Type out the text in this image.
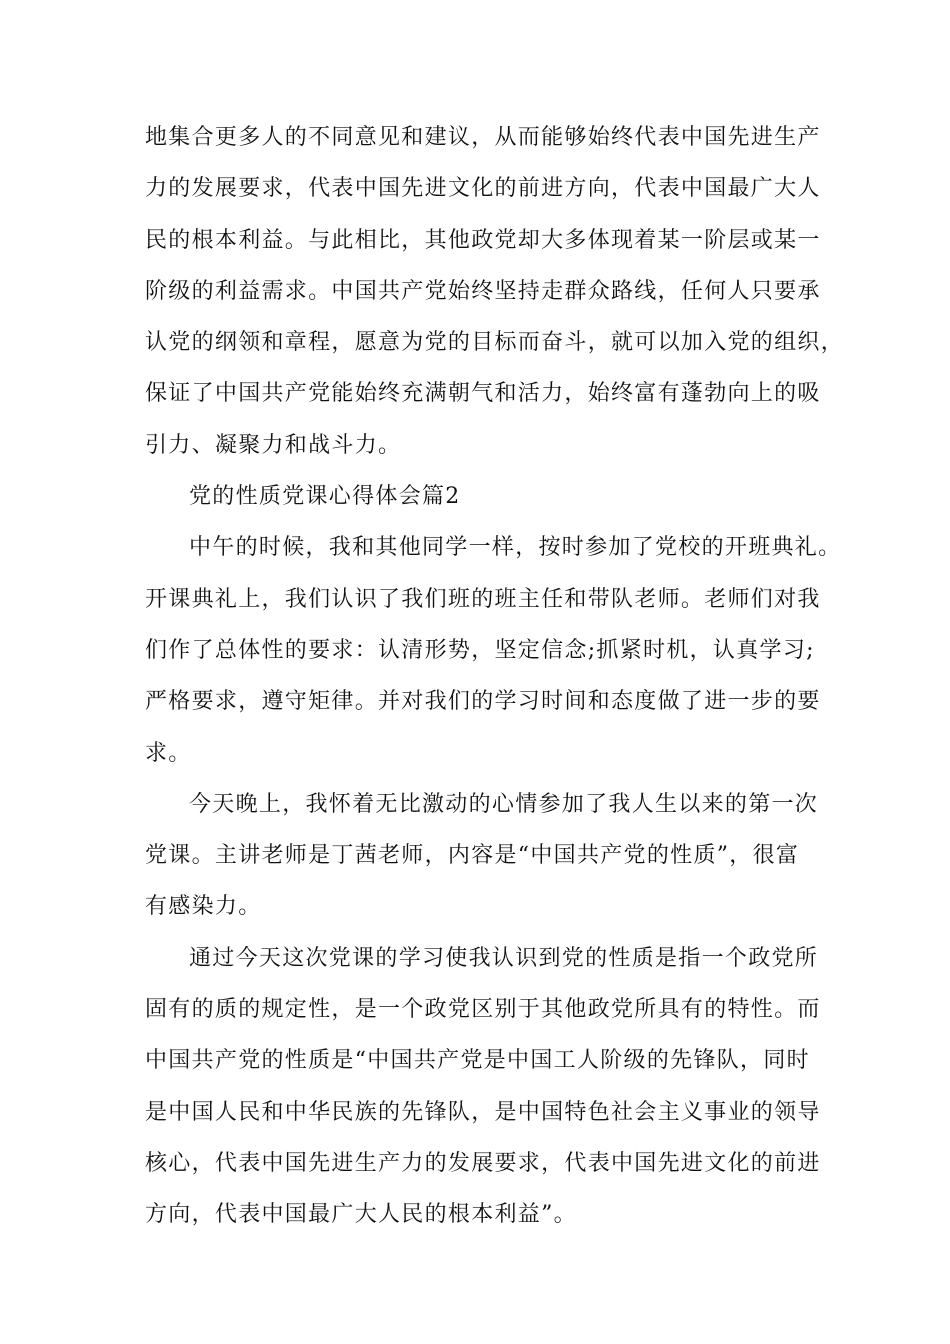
地集合更多人的不同意见和建议，从而能够始终代表中国先进生产
力的发展要求，代表中国先进文化的前进方向，代表中国最广大人
民的根本利益。与此相比，其他政党却大多体现着某一阶层或某一
阶级的利益需求。中国共产党始终坚持走群众路线，任何人只要承
认党的纲领和章程，愿意为党的目标而奋斗，就可以加入党的组织，
保证了中国共产党能始终充满朝气和活力，始终富有蓬勃向上的吸
引力、凝聚力和战斗力。
党的性质党课心得体会篇2
中午的时候，我和其他同学一样，按时参加了党校的开班典礼。
开课典礼上，我们认识了我们班的班主任和带队老师。老师们对我
们作了总体性的要求：认清形势，坚定信念;抓紧时机，认真学习;
严格要求，遵守矩律。并对我们的学习时间和态度做了进一步的要
求。
今天晚上，我怀着无比激动的心情参加了我人生以来的第一次
党课。主讲老师是丁茜老师，内容是“中国共产党的性质”，很富
有感染力。
通过今天这次党课的学习使我认识到党的性质是指一个政党所
固有的质的规定性，是一个政党区别于其他政党所具有的特性。而
中国共产党的性质是“中国共产党是中国工人阶级的先锋队，同时
是中国人民和中华民族的先锋队，是中国特色社会主义事业的领导
核心，代表中国先进生产力的发展要求，代表中国先进文化的前进
方向，代表中国最广大人民的根本利益”。
